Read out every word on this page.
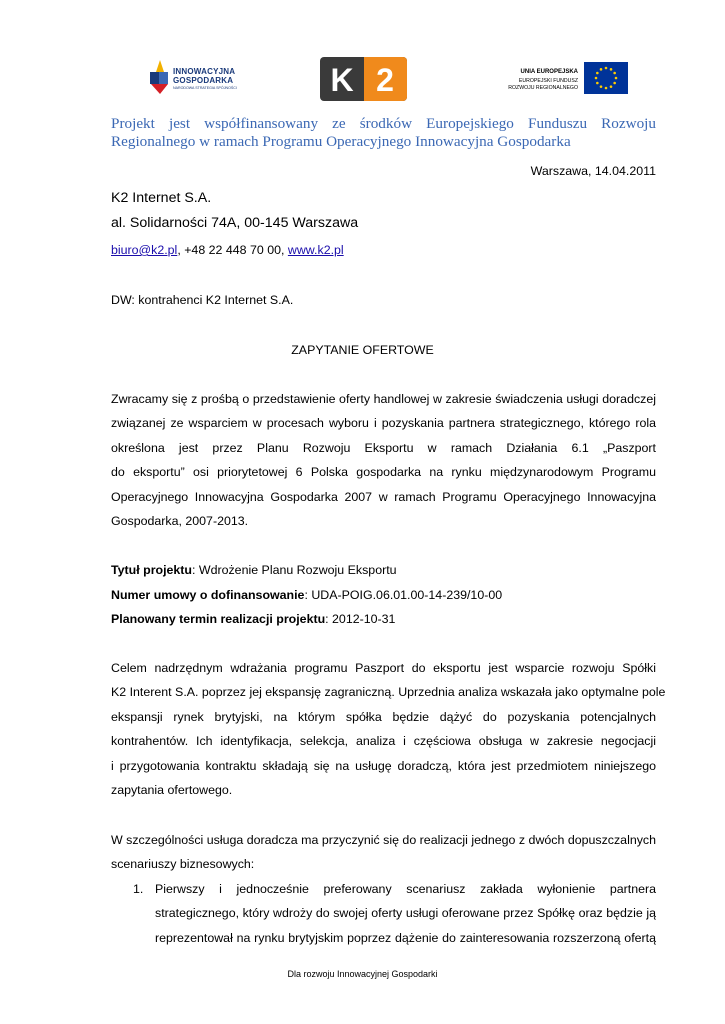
INNOWACYJNA
GOSPODARKA
NARODOWA STRATEGIA SPÓJNOŚCI	K 2	UNIA EUROPEJSKA
EUROPEJSKI FUNDUSZ
ROZWOJU REGIONALNEGO
Projekt jest współfinansowany ze środków Europejskiego Funduszu Rozwoju Regionalnego w ramach Programu Operacyjnego Innowacyjna Gospodarka
Warszawa, 14.04.2011
K2 Internet S.A.
al. Solidarności 74A, 00-145 Warszawa
biuro@k2.pl, +48 22 448 70 00, www.k2.pl
DW: kontrahenci K2 Internet S.A.
ZAPYTANIE OFERTOWE
Zwracamy się z prośbą o przedstawienie oferty handlowej w zakresie świadczenia usługi doradczej
związanej ze wsparciem w procesach wyboru i pozyskania partnera strategicznego, którego rola
określona jest przez Planu Rozwoju Eksportu w ramach Działania 6.1 „Paszport
do eksportu” osi priorytetowej 6 Polska gospodarka na rynku międzynarodowym Programu
Operacyjnego Innowacyjna Gospodarka 2007 w ramach Programu Operacyjnego Innowacyjna
Gospodarka, 2007-2013.
Tytuł projektu: Wdrożenie Planu Rozwoju Eksportu
Numer umowy o dofinansowanie: UDA-POIG.06.01.00-14-239/10-00
Planowany termin realizacji projektu: 2012-10-31
Celem nadrzędnym wdrażania programu Paszport do eksportu jest wsparcie rozwoju Spółki
K2 Interent S.A. poprzez jej ekspansję zagraniczną. Uprzednia analiza wskazała jako optymalne pole
ekspansji rynek brytyjski, na którym spółka będzie dążyć do pozyskania potencjalnych
kontrahentów. Ich identyfikacja, selekcja, analiza i częściowa obsługa w zakresie negocjacji
i przygotowania kontraktu składają się na usługę doradczą, która jest przedmiotem niniejszego
zapytania ofertowego.
W szczególności usługa doradcza ma przyczynić się do realizacji jednego z dwóch dopuszczalnych
scenariuszy biznesowych:
1. Pierwszy i jednocześnie preferowany scenariusz zakłada wyłonienie partnera
strategicznego, który wdroży do swojej oferty usługi oferowane przez Spółkę oraz będzie ją
reprezentował na rynku brytyjskim poprzez dążenie do zainteresowania rozszerzoną ofertą
Dla rozwoju Innowacyjnej Gospodarki
